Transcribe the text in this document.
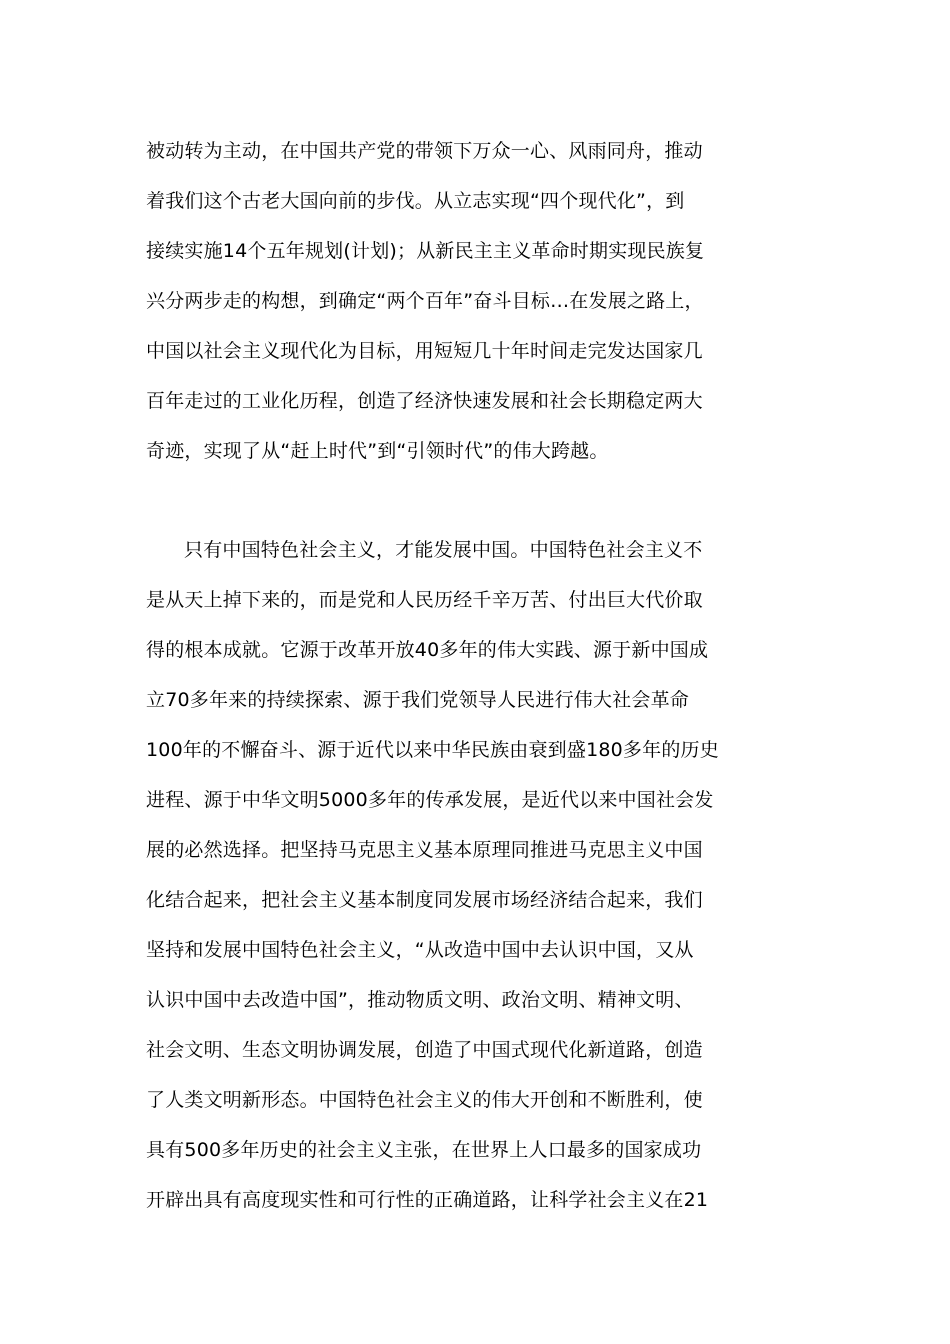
被动转为主动，在中国共产党的带领下万众一心、风雨同舟，推动
着我们这个古老大国向前的步伐。从立志实现“四个现代化”，到
接续实施14个五年规划(计划)；从新民主主义革命时期实现民族复
兴分两步走的构想，到确定“两个百年”奋斗目标…在发展之路上，
中国以社会主义现代化为目标，用短短几十年时间走完发达国家几
百年走过的工业化历程，创造了经济快速发展和社会长期稳定两大
奇迹，实现了从“赶上时代”到“引领时代”的伟大跨越。
只有中国特色社会主义，才能发展中国。中国特色社会主义不
是从天上掉下来的，而是党和人民历经千辛万苦、付出巨大代价取
得的根本成就。它源于改革开放40多年的伟大实践、源于新中国成
立70多年来的持续探索、源于我们党领导人民进行伟大社会革命
100年的不懈奋斗、源于近代以来中华民族由衰到盛180多年的历史
进程、源于中华文明5000多年的传承发展，是近代以来中国社会发
展的必然选择。把坚持马克思主义基本原理同推进马克思主义中国
化结合起来，把社会主义基本制度同发展市场经济结合起来，我们
坚持和发展中国特色社会主义，“从改造中国中去认识中国，又从
认识中国中去改造中国”，推动物质文明、政治文明、精神文明、
社会文明、生态文明协调发展，创造了中国式现代化新道路，创造
了人类文明新形态。中国特色社会主义的伟大开创和不断胜利，使
具有500多年历史的社会主义主张，在世界上人口最多的国家成功
开辟出具有高度现实性和可行性的正确道路，让科学社会主义在21
